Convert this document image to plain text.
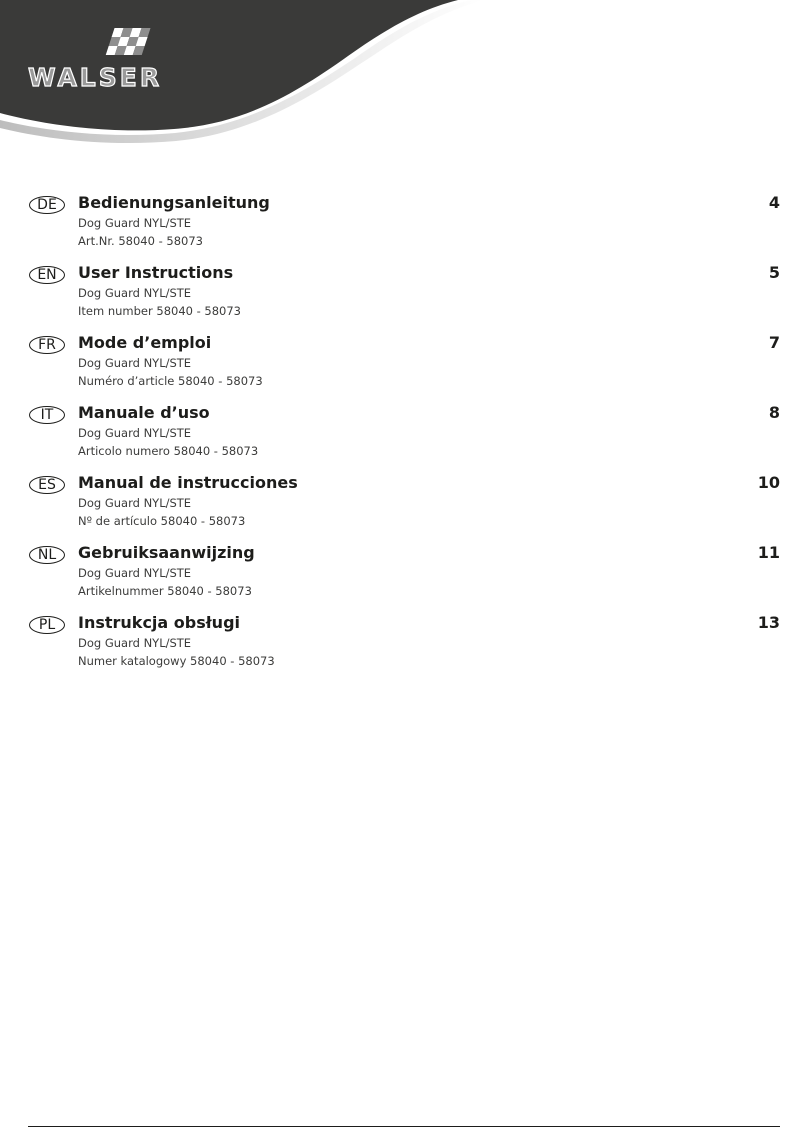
WALSER
DE	Bedienungsanleitung
Dog Guard NYL/STE
Art.Nr. 58040 - 58073
4
EN	User Instructions
Dog Guard NYL/STE
Item number 58040 - 58073
5
FR	Mode d’emploi
Dog Guard NYL/STE
Numéro d’article 58040 - 58073
7
IT	Manuale d’uso
Dog Guard NYL/STE
Articolo numero 58040 - 58073
8
ES	Manual de instrucciones
Dog Guard NYL/STE
Nº de artículo 58040 - 58073
10
NL	Gebruiksaanwijzing
Dog Guard NYL/STE
Artikelnummer 58040 - 58073
11
PL	Instrukcja obsługi
Dog Guard NYL/STE
Numer katalogowy 58040 - 58073
13
